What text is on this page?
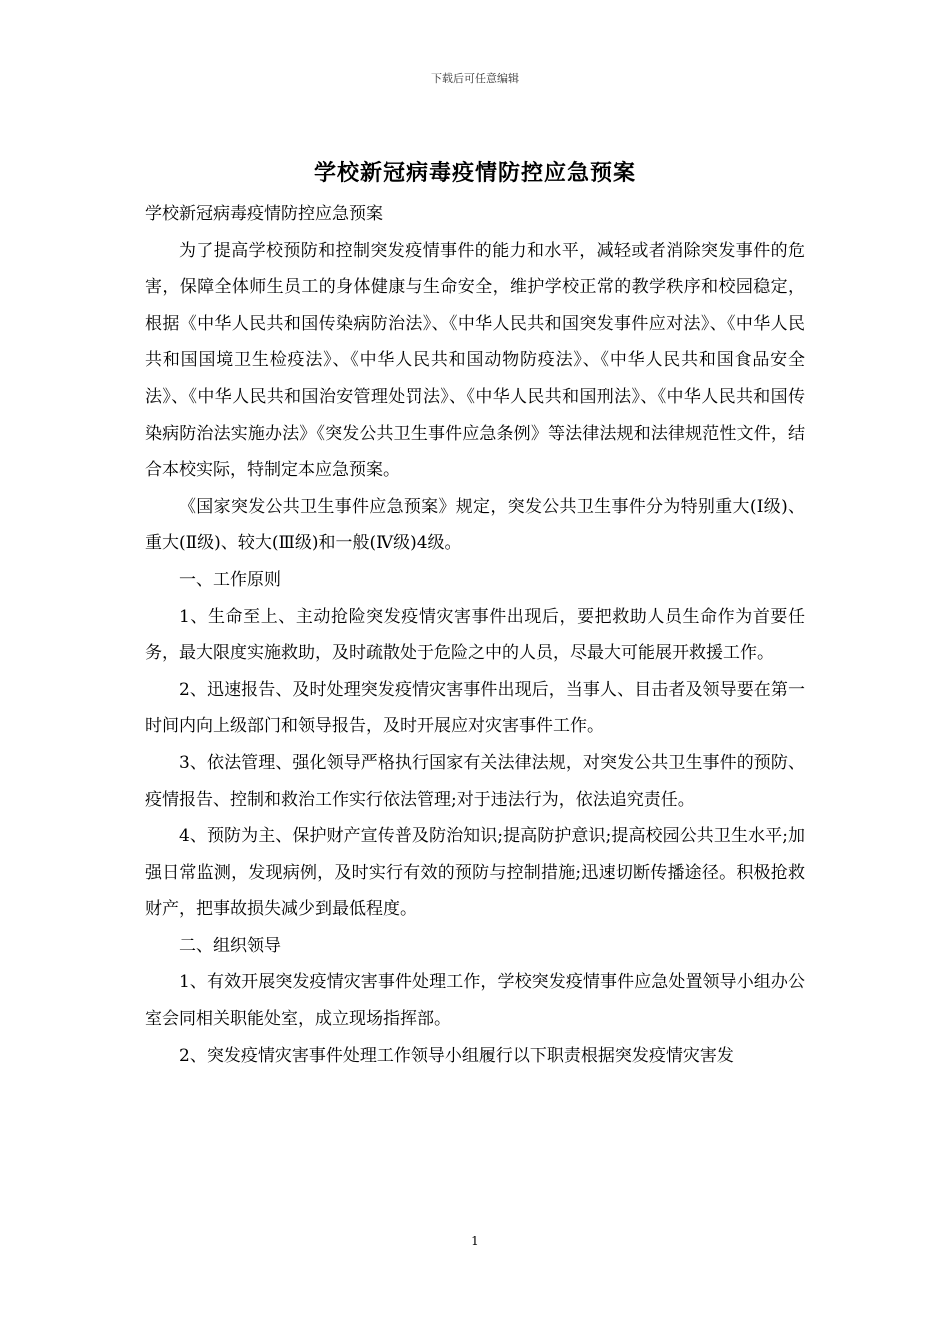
下载后可任意编辑
学校新冠病毒疫情防控应急预案

学校新冠病毒疫情防控应急预案

为了提高学校预防和控制突发疫情事件的能力和水平，减轻或者消除突发事件的危害，保障全体师生员工的身体健康与生命安全，维护学校正常的教学秩序和校园稳定，根据《中华人民共和国传染病防治法》、《中华人民共和国突发事件应对法》、《中华人民共和国国境卫生检疫法》、《中华人民共和国动物防疫法》、《中华人民共和国食品安全法》、《中华人民共和国治安管理处罚法》、《中华人民共和国刑法》、《中华人民共和国传染病防治法实施办法》《突发公共卫生事件应急条例》等法律法规和法律规范性文件，结合本校实际，特制定本应急预案。

《国家突发公共卫生事件应急预案》规定，突发公共卫生事件分为特别重大(Ⅰ级)、重大(Ⅱ级)、较大(Ⅲ级)和一般(Ⅳ级)4级。

一、工作原则

1、生命至上、主动抢险突发疫情灾害事件出现后，要把救助人员生命作为首要任务，最大限度实施救助，及时疏散处于危险之中的人员，尽最大可能展开救援工作。

2、迅速报告、及时处理突发疫情灾害事件出现后，当事人、目击者及领导要在第一时间内向上级部门和领导报告，及时开展应对灾害事件工作。

3、依法管理、强化领导严格执行国家有关法律法规，对突发公共卫生事件的预防、疫情报告、控制和救治工作实行依法管理;对于违法行为，依法追究责任。

4、预防为主、保护财产宣传普及防治知识;提高防护意识;提高校园公共卫生水平;加强日常监测，发现病例，及时实行有效的预防与控制措施;迅速切断传播途径。积极抢救财产，把事故损失减少到最低程度。

二、组织领导

1、有效开展突发疫情灾害事件处理工作，学校突发疫情事件应急处置领导小组办公室会同相关职能处室，成立现场指挥部。

2、突发疫情灾害事件处理工作领导小组履行以下职责根据突发疫情灾害发

1
